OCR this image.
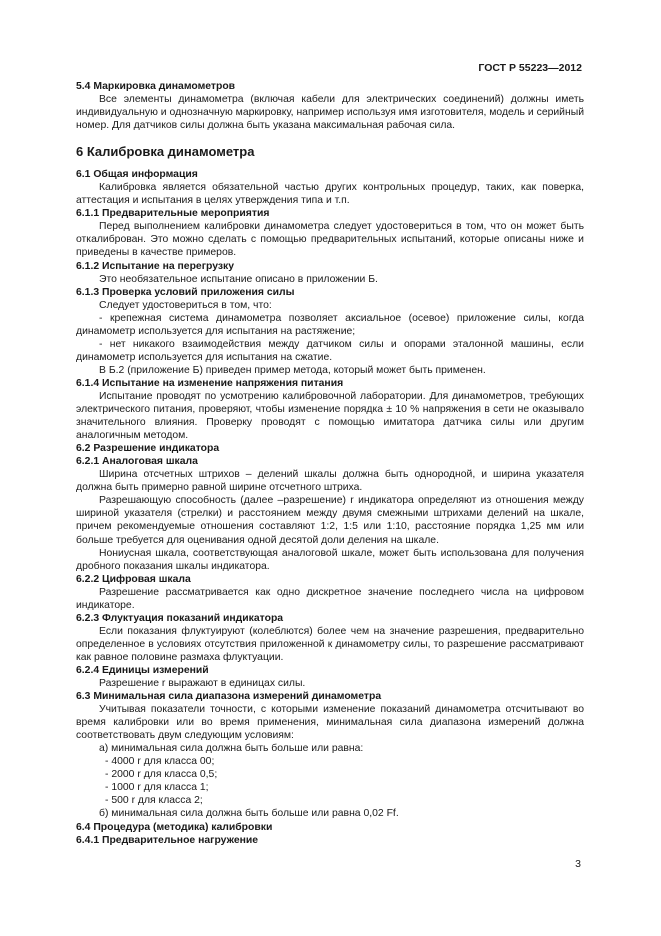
ГОСТ Р 55223—2012
5.4 Маркировка динамометров
Все элементы динамометра (включая кабели для электрических соединений) должны иметь индивидуальную и однозначную маркировку, например используя имя изготовителя, модель и серийный номер. Для датчиков силы должна быть указана максимальная рабочая сила.
6 Калибровка динамометра
6.1 Общая информация
Калибровка является обязательной частью других контрольных процедур, таких, как поверка, аттестация и испытания в целях утверждения типа и т.п.
6.1.1 Предварительные мероприятия
Перед выполнением калибровки динамометра следует удостовериться в том, что он может быть откалиброван. Это можно сделать с помощью предварительных испытаний, которые описаны ниже и приведены в качестве примеров.
6.1.2 Испытание на перегрузку
Это необязательное испытание описано в приложении Б.
6.1.3 Проверка условий приложения силы
Следует удостовериться в том, что:
- крепежная система динамометра позволяет аксиальное (осевое) приложение силы, когда динамометр используется для испытания на растяжение;
- нет никакого взаимодействия между датчиком силы и опорами эталонной машины, если динамометр используется для испытания на сжатие.
В Б.2 (приложение Б) приведен пример метода, который может быть применен.
6.1.4 Испытание на изменение напряжения питания
Испытание проводят по усмотрению калибровочной лаборатории. Для динамометров, требующих электрического питания, проверяют, чтобы изменение порядка ± 10 % напряжения в сети не оказывало значительного влияния. Проверку проводят с помощью имитатора датчика силы или другим аналогичным методом.
6.2 Разрешение индикатора
6.2.1 Аналоговая шкала
Ширина отсчетных штрихов – делений шкалы должна быть однородной, и ширина указателя должна быть примерно равной ширине отсчетного штриха.
Разрешающую способность (далее –разрешение) r индикатора определяют из отношения между шириной указателя (стрелки) и расстоянием между двумя смежными штрихами делений на шкале, причем рекомендуемые отношения составляют 1:2, 1:5 или 1:10, расстояние порядка 1,25 мм или больше требуется для оценивания одной десятой доли деления на шкале.
Нониусная шкала, соответствующая аналоговой шкале, может быть использована для получения дробного показания шкалы индикатора.
6.2.2 Цифровая шкала
Разрешение рассматривается как одно дискретное значение последнего числа на цифровом индикаторе.
6.2.3 Флуктуация показаний индикатора
Если показания флуктуируют (колеблются) более чем на значение разрешения, предварительно определенное в условиях отсутствия приложенной к динамометру силы, то разрешение рассматривают как равное половине размаха флуктуации.
6.2.4 Единицы измерений
Разрешение r выражают в единицах силы.
6.3 Минимальная сила диапазона измерений динамометра
Учитывая показатели точности, с которыми изменение показаний динамометра отсчитывают во время калибровки или во время применения, минимальная сила диапазона измерений должна соответствовать двум следующим условиям:
а) минимальная сила должна быть больше или равна:
- 4000 r для класса 00;
- 2000 r для класса 0,5;
- 1000 r для класса 1;
- 500 r для класса 2;
б) минимальная сила должна быть больше или равна 0,02 Ff.
6.4 Процедура (методика) калибровки
6.4.1 Предварительное нагружение
3
